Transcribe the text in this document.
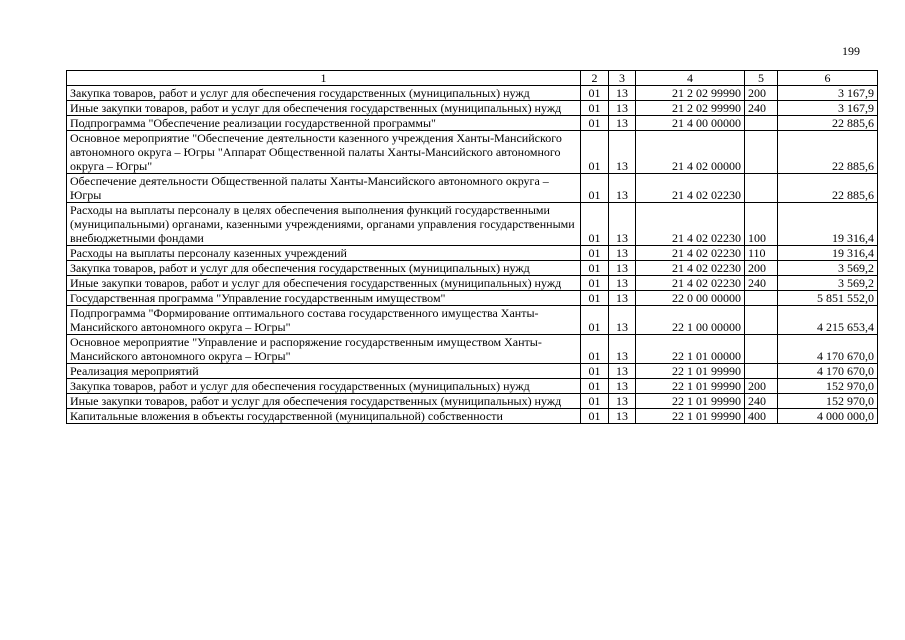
199
1	2	3	4	5	6
Закупка товаров, работ и услуг для обеспечения государственных (муниципальных) нужд	01	13	21 2 02 99990	200	3 167,9
Иные закупки товаров, работ и услуг для обеспечения государственных (муниципальных) нужд	01	13	21 2 02 99990	240	3 167,9
Подпрограмма "Обеспечение реализации государственной программы"	01	13	21 4 00 00000		22 885,6
Основное мероприятие "Обеспечение деятельности казенного учреждения Ханты-Мансийского автономного округа – Югры "Аппарат Общественной палаты Ханты-Мансийского автономного округа – Югры"	01	13	21 4 02 00000		22 885,6
Обеспечение деятельности Общественной палаты Ханты-Мансийского автономного округа – Югры	01	13	21 4 02 02230		22 885,6
Расходы на выплаты персоналу в целях обеспечения выполнения функций государственными (муниципальными) органами, казенными учреждениями, органами управления государственными внебюджетными фондами	01	13	21 4 02 02230	100	19 316,4
Расходы на выплаты персоналу казенных учреждений	01	13	21 4 02 02230	110	19 316,4
Закупка товаров, работ и услуг для обеспечения государственных (муниципальных) нужд	01	13	21 4 02 02230	200	3 569,2
Иные закупки товаров, работ и услуг для обеспечения государственных (муниципальных) нужд	01	13	21 4 02 02230	240	3 569,2
Государственная программа "Управление государственным имуществом"	01	13	22 0 00 00000		5 851 552,0
Подпрограмма "Формирование оптимального состава государственного имущества Ханты-Мансийского автономного округа – Югры"	01	13	22 1 00 00000		4 215 653,4
Основное мероприятие "Управление и распоряжение государственным имуществом Ханты-Мансийского автономного округа – Югры"	01	13	22 1 01 00000		4 170 670,0
Реализация мероприятий	01	13	22 1 01 99990		4 170 670,0
Закупка товаров, работ и услуг для обеспечения государственных (муниципальных) нужд	01	13	22 1 01 99990	200	152 970,0
Иные закупки товаров, работ и услуг для обеспечения государственных (муниципальных) нужд	01	13	22 1 01 99990	240	152 970,0
Капитальные вложения в объекты государственной (муниципальной) собственности	01	13	22 1 01 99990	400	4 000 000,0
